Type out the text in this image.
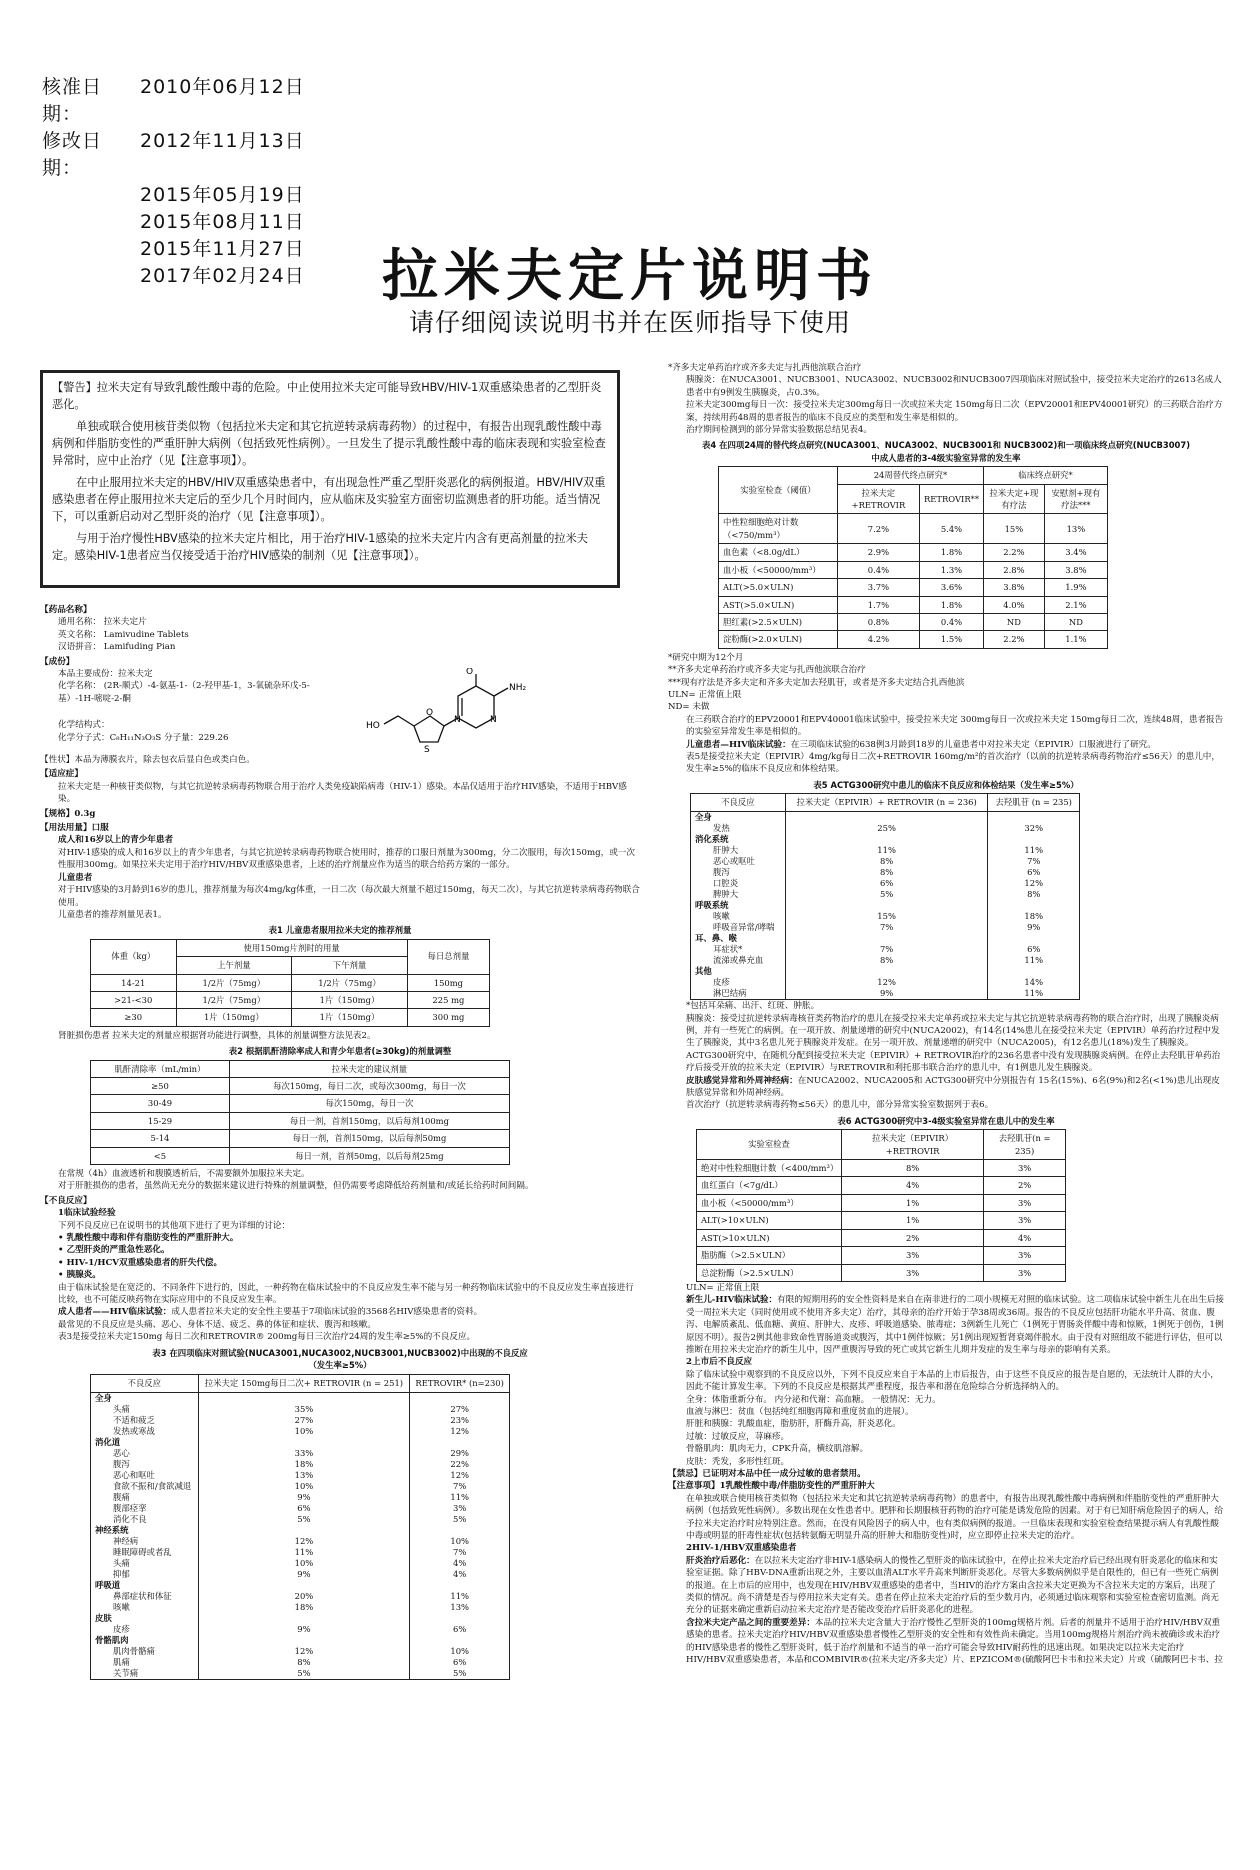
核准日期：
2010年06月12日
修改日期：
2012年11月13日
2015年05月19日
2015年08月11日
2015年11月27日
2017年02月24日	拉米夫定片说明书
请仔细阅读说明书并在医师指导下使用

【警告】拉米夫定有导致乳酸性酸中毒的危险。中止使用拉米夫定可能导致HBV/HIV-1双重感染患者的乙型肝炎恶化。

单独或联合使用核苷类似物（包括拉米夫定和其它抗逆转录病毒药物）的过程中，有报告出现乳酸性酸中毒病例和伴脂肪变性的严重肝肿大病例（包括致死性病例）。一旦发生了提示乳酸性酸中毒的临床表现和实验室检查异常时，应中止治疗（见【注意事项】）。

在中止服用拉米夫定的HBV/HIV双重感染患者中，有出现急性严重乙型肝炎恶化的病例报道。HBV/HIV双重感染患者在停止服用拉米夫定后的至少几个月时间内，应从临床及实验室方面密切监测患者的肝功能。适当情况下，可以重新启动对乙型肝炎的治疗（见【注意事项】）。

与用于治疗慢性HBV感染的拉米夫定片相比，用于治疗HIV-1感染的拉米夫定片内含有更高剂量的拉米夫定。感染HIV-1患者应当仅接受适于治疗HIV感染的制剂（见【注意事项】）。

【药品名称】

通用名称： 拉米夫定片

英文名称： Lamivudine Tablets

汉语拼音： Lamifuding Pian

【成份】

本品主要成份：拉米夫定

化学名称： (2R-顺式）-4-氨基-1-（2-羟甲基-1，3-氧硫杂环戊-5-基）-1H-嘧啶-2-酮

化学结构式：

化学分子式：C₈H₁₁N₃O₃S 分子量：229.26

O
NH₂
N	N
O
S
HO

【性状】本品为薄膜衣片，除去包衣后显白色或类白色。

【适应症】

拉米夫定是一种核苷类似物，与其它抗逆转录病毒药物联合用于治疗人类免疫缺陷病毒（HIV-1）感染。本品仅适用于治疗HIV感染，不适用于HBV感染。

【规格】0.3g
【用法用量】口服

成人和16岁以上的青少年患者

对HIV-1感染的成人和16岁以上的青少年患者，与其它抗逆转录病毒药物联合使用时，推荐的口服日剂量为300mg，分二次服用，每次150mg，或一次性服用300mg。如果拉米夫定用于治疗HIV/HBV双重感染患者，上述的治疗剂量应作为适当的联合给药方案的一部分。

儿童患者

对于HIV感染的3月龄到16岁的患儿，推荐剂量为每次4mg/kg体重，一日二次（每次最大剂量不超过150mg，每天二次），与其它抗逆转录病毒药物联合使用。

儿童患者的推荐剂量见表1。

表1 儿童患者服用拉米夫定的推荐剂量
体重（kg）	使用150mg片剂时的用量		每日总剂量
	上午剂量	下午剂量	
14-21	1/2片（75mg）	1/2片（75mg）	150mg
>21-<30	1/2片（75mg）	1片（150mg）	225 mg
≥30	1片（150mg）	1片（150mg）	300 mg

肾脏损伤患者 拉米夫定的剂量应根据肾功能进行调整，具体的剂量调整方法见表2。

表2 根据肌酐清除率成人和青少年患者(≥30kg)的剂量调整
肌酐清除率（mL/min）	拉米夫定的建议剂量
≥50	每次150mg，每日二次，或每次300mg，每日一次
30-49	每次150mg，每日一次
15-29	每日一剂，首剂150mg，以后每剂100mg
5-14	每日一剂，首剂150mg，以后每剂50mg
<5	每日一剂，首剂50mg，以后每剂25mg

在常规（4h）血液透析和腹膜透析后，不需要额外加服拉米夫定。

对于肝脏损伤的患者，虽然尚无充分的数据来建议进行特殊的剂量调整，但仍需要考虑降低给药剂量和/或延长给药时间间隔。

【不良反应】

1临床试验经验

下列不良反应已在说明书的其他项下进行了更为详细的讨论：

• 乳酸性酸中毒和伴有脂肪变性的严重肝肿大。

• 乙型肝炎的严重急性恶化。

• HIV-1/HCV双重感染患者的肝失代偿。

• 胰腺炎。

由于临床试验是在宽泛的、不同条件下进行的，因此，一种药物在临床试验中的不良反应发生率不能与另一种药物临床试验中的不良反应发生率直接进行比较，也不可能反映药物在实际应用中的不良反应发生率。

成人患者——HIV临床试验：成人患者拉米夫定的安全性主要基于7项临床试验的3568名HIV感染患者的资料。

最常见的不良反应是头痛、恶心、身体不适、疲乏、鼻的体征和症状、腹泻和咳嗽。

表3是接受拉米夫定150mg 每日二次和RETROVIR® 200mg每日三次治疗24周的发生率≥5%的不良反应。

表3 在四项临床对照试验(NUCA3001,NUCA3002,NUCB3001,NUCB3002)中出现的不良反应（发生率≥5%）
不良反应	拉米夫定 150mg每日二次+ RETROVIR (n = 251)	RETROVIR* (n=230)
全身		
头痛	35%	27%
不适和疲乏	27%	23%
发热或寒战	10%	12%
消化道		
恶心	33%	29%
腹泻	18%	22%
恶心和呕吐	13%	12%
食欲不振和/食欲减退	10%	7%
腹痛	9%	11%
腹部痉挛	6%	3%
消化不良	5%	5%
神经系统		
神经病	12%	10%
睡眠障碍或者乱	11%	7%
头痛	10%	4%
抑郁	9%	4%
呼吸道		
鼻部症状和体征	20%	11%
咳嗽	18%	13%
皮肤		
皮疹	9%	6%
骨骼肌肉		
肌肉骨骼痛	12%	10%
肌痛	8%	6%
关节痛	5%	5%

*齐多夫定单药治疗或齐多夫定与扎西他滨联合治疗

胰腺炎：在NUCA3001、NUCB3001、NUCA3002、NUCB3002和NUCB3007四项临床对照试验中，接受拉米夫定治疗的2613名成人患者中有9例发生胰腺炎，占0.3%。

拉米夫定300mg每日一次：接受拉米夫定300mg每日一次或拉米夫定 150mg每日二次（EPV20001和EPV40001研究）的三药联合治疗方案，持续用药48周的患者报告的临床不良反应的类型和发生率是相似的。

治疗期间检测到的部分异常实验数据总结见表4。

表4 在四项24周的替代终点研究(NUCA3001、NUCA3002、NUCB3001和 NUCB3002)和一项临床终点研究(NUCB3007)中成人患者的3-4级实验室异常的发生率
实验室检查（阈值）	24周替代终点研究*		临床终点研究*	
	拉米夫定+RETROVIR	RETROVIR**	拉米夫定+现有疗法	安慰剂+现有疗法***
中性粒细胞绝对计数（<750/mm³）	7.2%	5.4%	15%	13%
血色素（<8.0g/dL）	2.9%	1.8%	2.2%	3.4%
血小板（<50000/mm³）	0.4%	1.3%	2.8%	3.8%
ALT(>5.0×ULN)	3.7%	3.6%	3.8%	1.9%
AST(>5.0×ULN)	1.7%	1.8%	4.0%	2.1%
胆红素(>2.5×ULN)	0.8%	0.4%	ND	ND
淀粉酶(>2.0×ULN)	4.2%	1.5%	2.2%	1.1%

*研究中期为12个月

**齐多夫定单药治疗或齐多夫定与扎西他滨联合治疗

***现有疗法是齐多夫定和齐多夫定加去羟肌苷，或者是齐多夫定结合扎西他滨

ULN= 正常值上限

ND= 未做

在三药联合治疗的EPV20001和EPV40001临床试验中，接受拉米夫定 300mg每日一次或拉米夫定 150mg每日二次，连续48周，患者报告的实验室异常发生率是相似的。

儿童患者—HIV临床试验：在三项临床试验的638例3月龄到18岁的儿童患者中对拉米夫定（EPIVIR）口服液进行了研究。

表5是接受拉米夫定（EPIVIR）4mg/kg每日二次+RETROVIR 160mg/m²的首次治疗（以前的抗逆转录病毒药物治疗≤56天）的患儿中，发生率≥5%的临床不良反应和体检结果。

表5 ACTG300研究中患儿的临床不良反应和体检结果（发生率≥5%）
不良反应	拉米夫定（EPIVIR）+ RETROVIR (n = 236)	去羟肌苷 (n = 235)
全身		
发热	25%	32%
消化系统		
肝肿大	11%	11%
恶心或呕吐	8%	7%
腹泻	8%	6%
口腔炎	6%	12%
脾肿大	5%	8%
呼吸系统		
咳嗽	15%	18%
呼吸音异常/哮喘	7%	9%
耳、鼻、喉		
耳症状*	7%	6%
流涕或鼻充血	8%	11%
其他		
皮疹	12%	14%
淋巴结病	9%	11%

*包括耳朵痛、出汗、红斑、肿胀。

胰腺炎：接受过抗逆转录病毒核苷类药物治疗的患儿在接受拉米夫定单药或拉米夫定与其它抗逆转录病毒药物的联合治疗时，出现了胰腺炎病例，并有一些死亡的病例。在一项开放、剂量递增的研究中(NUCA2002)，有14名(14%患儿在接受拉米夫定（EPIVIR）单药治疗过程中发生了胰腺炎，其中3名患儿死于胰腺炎并发症。在另一项开放、剂量递增的研究中（NUCA2005)，有12名患儿(18%)发生了胰腺炎。ACTG300研究中，在随机分配到接受拉米夫定（EPIVIR）+ RETROVIR治疗的236名患者中没有发现胰腺炎病例。在停止去羟肌苷单药治疗后接受开放的拉米夫定（EPIVIR）与RETROVIR和利托那韦联合治疗的患儿中，有1例患儿发生胰腺炎。

皮肤感觉异常和外周神经病：在NUCA2002、NUCA2005和 ACTG300研究中分别报告有 15名(15%)、6名(9%)和2名(<1%)患儿出现皮肤感觉异常和外周神经病。

首次治疗（抗逆转录病毒药物≤56天）的患儿中，部分异常实验室数据列于表6。

表6 ACTG300研究中3-4级实验室异常在患儿中的发生率
实验室检查	拉米夫定（EPIVIR）+RETROVIR	去羟肌苷(n = 235)
绝对中性粒细胞计数（<400/mm³）	8%	3%
血红蛋白（<7g/dL）	4%	2%
血小板（<50000/mm³）	1%	3%
ALT(>10×ULN)	1%	3%
AST(>10×ULN)	2%	4%
脂肪酶（>2.5×ULN）	3%	3%
总淀粉酶（>2.5×ULN）	3%	3%

ULN= 正常值上限

新生儿-HIV临床试验：有限的短期用药的安全性资料是来自在南非进行的二项小规模无对照的临床试验。这二项临床试验中新生儿在出生后接受一周拉米夫定（同时使用或不使用齐多夫定）治疗，其母亲的治疗开始于孕38周或36周。报告的不良反应包括肝功能水平升高、贫血、腹泻、电解质紊乱、低血糖、黄疸、肝肿大、皮疹、呼吸道感染、脓毒症；3例新生儿死亡（1例死于胃肠炎伴酸中毒和惊厥，1例死于创伤，1例原因不明）。报告2例其他非致命性胃肠道炎或腹泻，其中1例伴惊厥；另1例出现短暂肾衰竭伴脱水。由于没有对照组故不能进行评估，但可以推断在用拉米夫定治疗的新生儿中，因严重腹泻导致的死亡或其它新生儿期并发症的发生率与母亲的影响有关系。

2上市后不良反应

除了临床试验中观察到的不良反应以外，下列不良反应来自于本品的上市后报告，由于这些不良反应的报告是自愿的，无法统计人群的大小，因此不能计算发生率。下列的不良反应是根据其严重程度，报告率和潜在危险综合分析选择纳入的。

全身：体脂重新分布。 内分泌和代谢：高血糖。 一般情况：无力。

血液与淋巴：贫血（包括纯红细胞再障和重度贫血的进展）。

肝脏和胰腺：乳酸血症，脂肪肝，肝酶升高，肝炎恶化。

过敏：过敏反应，荨麻疹。

骨骼肌肉：肌肉无力，CPK升高，横纹肌溶解。

皮肤：秃发，多形性红斑。

【禁忌】已证明对本品中任一成分过敏的患者禁用。

【注意事项】1乳酸性酸中毒/伴脂肪变性的严重肝肿大

在单独或联合使用核苷类似物（包括拉米夫定和其它抗逆转录病毒药物）的患者中，有报告出现乳酸性酸中毒病例和伴脂肪变性的严重肝肿大病例（包括致死性病例）。多数出现在女性患者中。肥胖和长期服核苷药物的治疗可能是诱发危险的因素。对于有已知肝病危险因子的病人，给予拉米夫定治疗时应特别注意。然而，在没有风险因子的病人中，也有类似病例的报道。一旦临床表现和实验室检查结果提示病人有乳酸性酸中毒或明显的肝毒性症状(包括转氨酶无明显升高的肝肿大和脂肪变性)时，应立即停止拉米夫定的治疗。

2HIV-1/HBV双重感染患者

肝炎治疗后恶化：在以拉米夫定治疗非HIV-1感染病人的慢性乙型肝炎的临床试验中，在停止拉米夫定治疗后已经出现有肝炎恶化的临床和实验室证据。除了HBV-DNA重新出现之外，主要以血清ALT水平升高来判断肝炎恶化。尽管大多数病例似乎是自限性的，但已有一些死亡病例的报道。在上市后的应用中，也发现在HIV/HBV双重感染的患者中，当HIV的治疗方案由含拉米夫定更换为不含拉米夫定的方案后，出现了类似的情况。尚不清楚是否与停用拉米夫定有关。患者在停止拉米夫定治疗后的至少数月内，必须通过临床观察和实验室检查密切监测。尚无充分的证据来确定重新启动拉米夫定治疗是否能改变治疗后肝炎恶化的进程。

含拉米夫定产品之间的重要差异：本品的拉米夫定含量大于治疗慢性乙型肝炎的100mg规格片剂。后者的剂量并不适用于治疗HIV/HBV双重感染的患者。拉米夫定治疗HIV/HBV双重感染患者慢性乙型肝炎的安全性和有效性尚未确定。当用100mg规格片剂治疗尚未被确诊或未治疗的HIV感染患者的慢性乙型肝炎时，低于治疗剂量和不适当的单一治疗可能会导致HIV耐药性的迅速出现。如果决定以拉米夫定治疗HIV/HBV双重感染患者，本品和COMBIVIR®(拉米夫定/齐多夫定）片、EPZICOM®(硫酸阿巴卡韦和拉米夫定）片或（硫酸阿巴卡韦、拉
